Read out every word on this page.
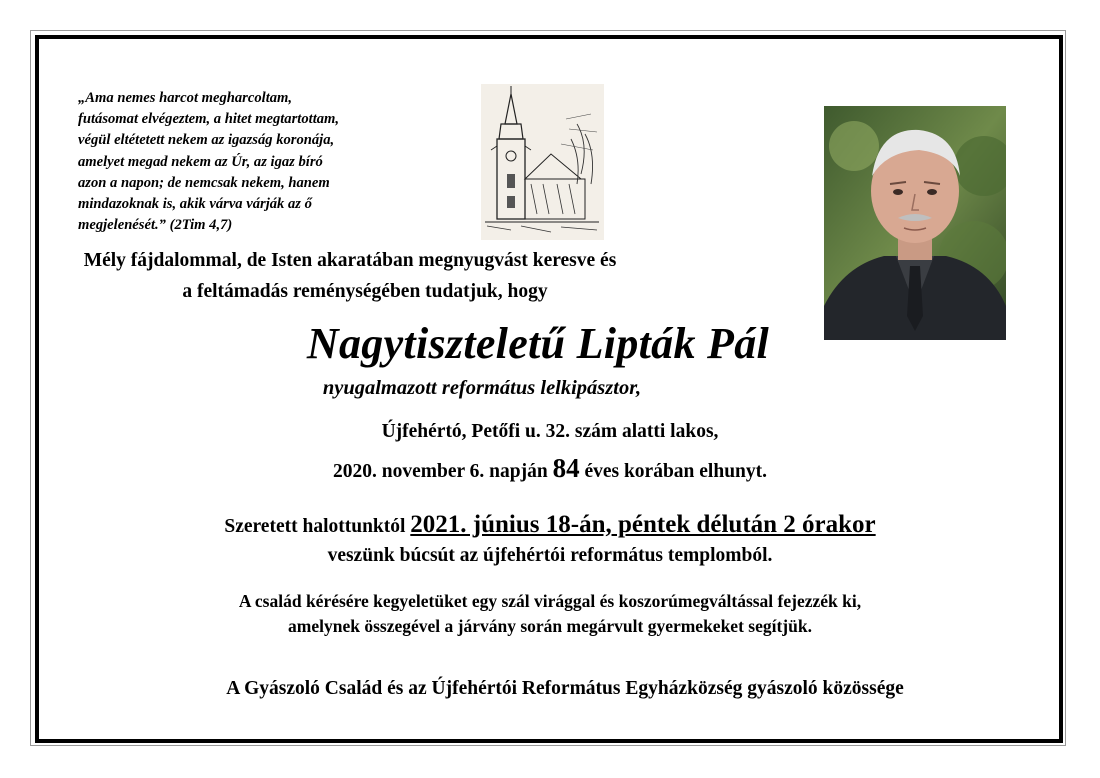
„Ama nemes harcot megharcoltam,
futásomat elvégeztem, a hitet megtartottam,
végül eltétetett nekem az igazság koronája,
amelyet megad nekem az Úr, az igaz bíró
azon a napon; de nemcsak nekem, hanem
mindazoknak is, akik várva várják az ő
megjelenését.” (2Tim 4,7)
Mély fájdalommal, de Isten akaratában megnyugvást keresve és
a feltámadás reménységében tudatjuk, hogy
Nagytiszteletű Lipták Pál
nyugalmazott református lelkipásztor,
Újfehértó, Petőfi u. 32. szám alatti lakos,
2020. november 6. napján 84 éves korában elhunyt.
Szeretett halottunktól 2021. június 18-án, péntek délután 2 órakor
veszünk búcsút az újfehértói református templomból.
A család kérésére kegyeletüket egy szál virággal és koszorúmegváltással fejezzék ki,
amelynek összegével a járvány során megárvult gyermekeket segítjük.
A Gyászoló Család és az Újfehértói Református Egyházközség gyászoló közössége
